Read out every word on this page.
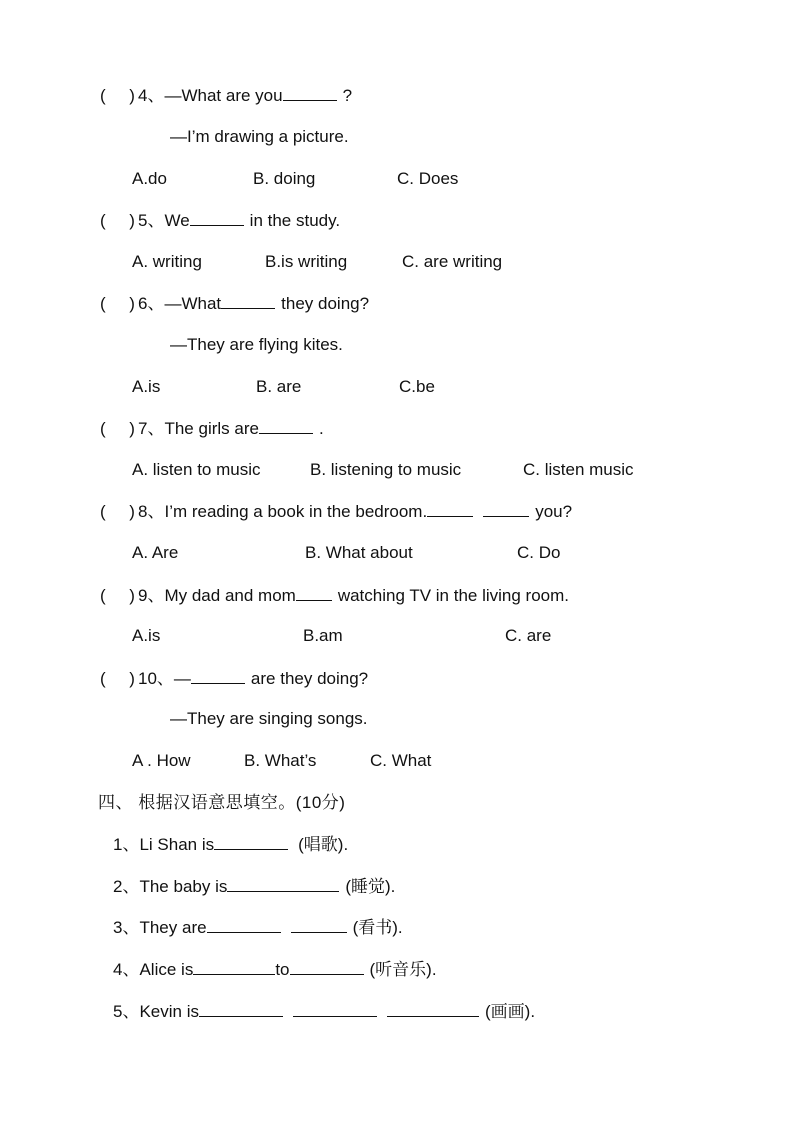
( ) 4、—What are you	?
—I’m drawing a picture.
A.do	B. doing	C. Does
( ) 5、We	in the study.
A. writing	B.is writing	C. are writing
( ) 6、—What	they doing?
—They are flying kites.
A.is	B. are	C.be
( ) 7、The girls are	.
A. listen to music	B. listening to music	C. listen music
( ) 8、I’m reading a book in the bedroom.	you?
A. Are	B. What about	C. Do
( ) 9、My dad and mom watching TV in the living room.
A.is	B.am	C. are
( ) 10、—	are they doing?
—They are singing songs.
A . How	B. What’s	C. What
四、 根据汉语意思填空。(10分)
1、Li Shan is	(唱歌).
2、The baby is	(睡觉).
3、They are	(看书).
4、Alice is	to	(听音乐).
5、Kevin is	(画画).
